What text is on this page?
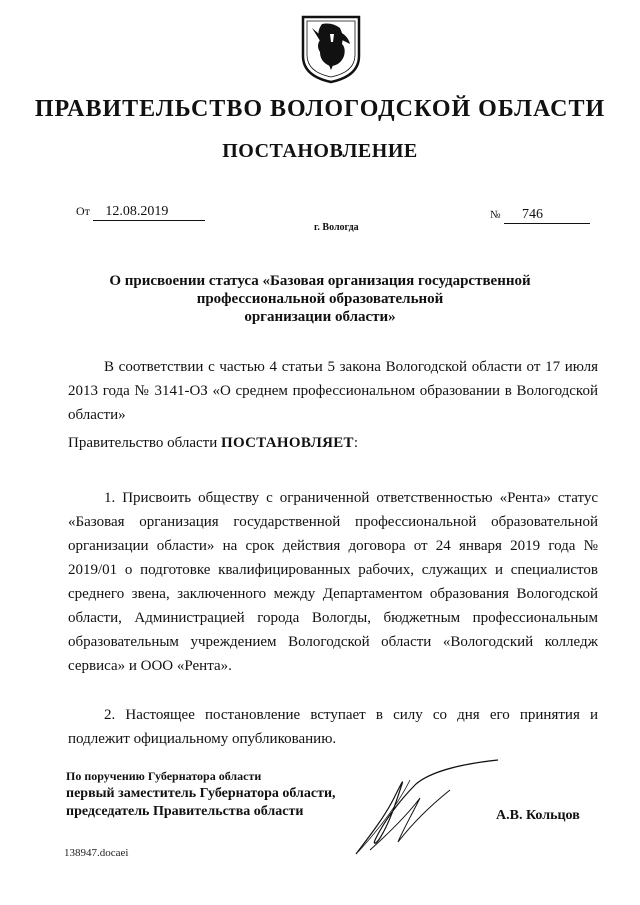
ПРАВИТЕЛЬСТВО ВОЛОГОДСКОЙ ОБЛАСТИ
ПОСТАНОВЛЕНИЕ
От 12.08.2019	№ 746
г. Вологда
О присвоении статуса «Базовая организация государственной
профессиональной образовательной
организации области»
В соответствии с частью 4 статьи 5 закона Вологодской области от 17 июля 2013 года № 3141-ОЗ «О среднем профессиональном образовании в Вологодской области»
Правительство области ПОСТАНОВЛЯЕТ:
1. Присвоить обществу с ограниченной ответственностью «Рента» статус «Базовая организация государственной профессиональной образовательной организации области» на срок действия договора от 24 января 2019 года № 2019/01 о подготовке квалифицированных рабочих, служащих и специалистов среднего звена, заключенного между Департаментом образования Вологодской области, Администрацией города Вологды, бюджетным профессиональным образовательным учреждением Вологодской области «Вологодский колледж сервиса» и ООО «Рента».
2. Настоящее постановление вступает в силу со дня его принятия и подлежит официальному опубликованию.
По поручению Губернатора области
первый заместитель Губернатора области,
председатель Правительства области	А.В. Кольцов
138947.docaei
